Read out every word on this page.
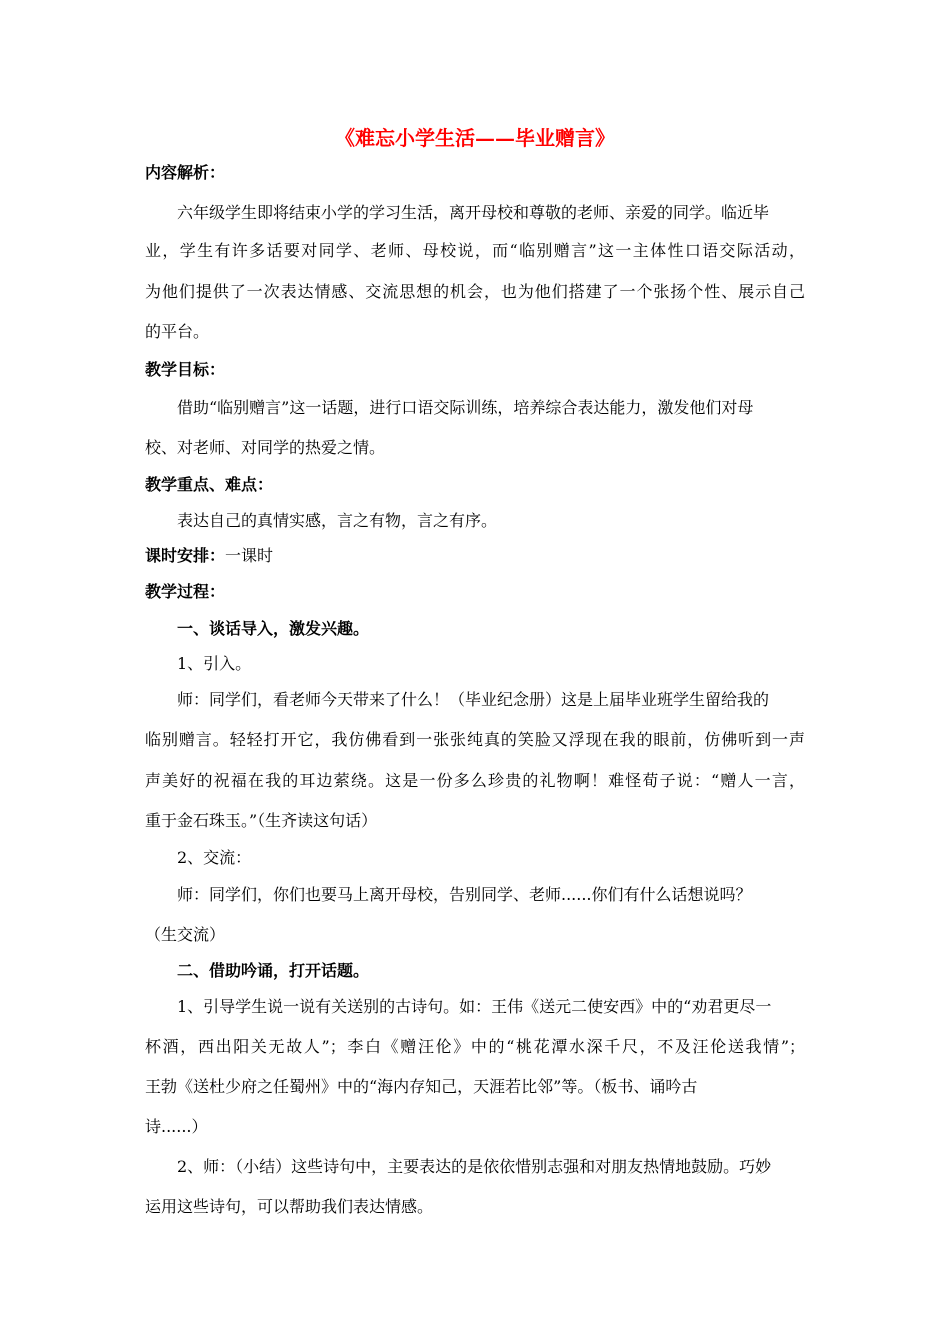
《难忘小学生活——毕业赠言》
内容解析：
六年级学生即将结束小学的学习生活，离开母校和尊敬的老师、亲爱的同学。临近毕
业，学生有许多话要对同学、老师、母校说，而“临别赠言”这一主体性口语交际活动，
为他们提供了一次表达情感、交流思想的机会，也为他们搭建了一个张扬个性、展示自己
的平台。
教学目标：
借助“临别赠言”这一话题，进行口语交际训练，培养综合表达能力，激发他们对母
校、对老师、对同学的热爱之情。
教学重点、难点：
表达自己的真情实感，言之有物，言之有序。
课时安排：一课时
教学过程：
一、谈话导入，激发兴趣。
1、引入。
师：同学们，看老师今天带来了什么！（毕业纪念册）这是上届毕业班学生留给我的
临别赠言。轻轻打开它，我仿佛看到一张张纯真的笑脸又浮现在我的眼前，仿佛听到一声
声美好的祝福在我的耳边萦绕。这是一份多么珍贵的礼物啊！难怪荀子说：“赠人一言，
重于金石珠玉。”（生齐读这句话）
2、交流：
师：同学们，你们也要马上离开母校，告别同学、老师......你们有什么话想说吗？
（生交流）
二、借助吟诵，打开话题。
1、引导学生说一说有关送别的古诗句。如：王伟《送元二使安西》中的“劝君更尽一
杯酒，西出阳关无故人”；李白《赠汪伦》中的“桃花潭水深千尺，不及汪伦送我情”；
王勃《送杜少府之任蜀州》中的“海内存知己，天涯若比邻”等。（板书、诵吟古
诗......）
2、师：（小结）这些诗句中，主要表达的是依依惜别志强和对朋友热情地鼓励。巧妙
运用这些诗句，可以帮助我们表达情感。
